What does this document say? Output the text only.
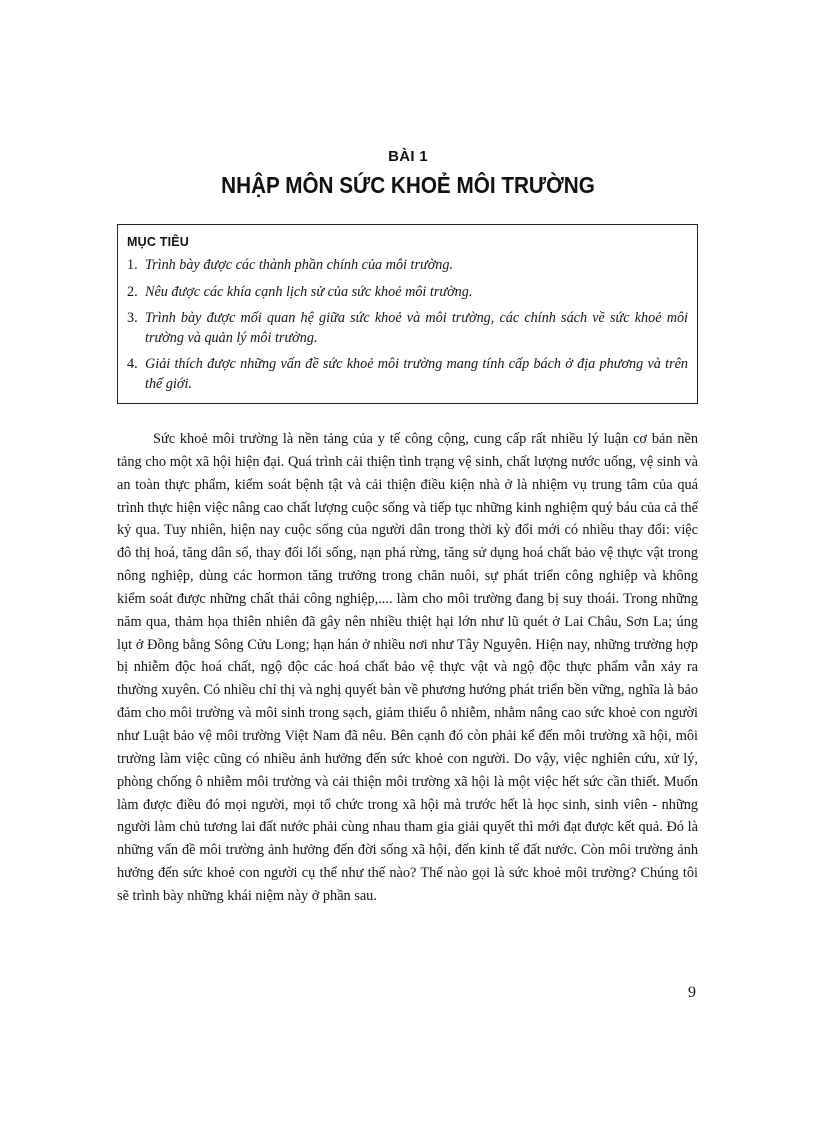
BÀI 1
NHẬP MÔN SỨC KHOẺ MÔI TRƯỜNG
MỤC TIÊU
1. Trình bày được các thành phần chính của môi trường.
2. Nêu được các khía cạnh lịch sử của sức khoẻ môi trường.
3. Trình bày được mối quan hệ giữa sức khoẻ và môi trường, các chính sách về sức khoẻ môi trường và quản lý môi trường.
4. Giải thích được những vấn đề sức khoẻ môi trường mang tính cấp bách ở địa phương và trên thế giới.

Sức khoẻ môi trường là nền tảng của y tế công cộng, cung cấp rất nhiều lý luận cơ bản nền tảng cho một xã hội hiện đại. Quá trình cải thiện tình trạng vệ sinh, chất lượng nước uống, vệ sinh và an toàn thực phẩm, kiểm soát bệnh tật và cải thiện điều kiện nhà ở là nhiệm vụ trung tâm của quá trình thực hiện việc nâng cao chất lượng cuộc sống và tiếp tục những kinh nghiệm quý báu của cả thế kỷ qua. Tuy nhiên, hiện nay cuộc sống của người dân trong thời kỳ đổi mới có nhiều thay đổi: việc đô thị hoá, tăng dân số, thay đổi lối sống, nạn phá rừng, tăng sử dụng hoá chất bảo vệ thực vật trong nông nghiệp, dùng các hormon tăng trưởng trong chăn nuôi, sự phát triển công nghiệp và không kiểm soát được những chất thải công nghiệp,.... làm cho môi trường đang bị suy thoái. Trong những năm qua, thảm họa thiên nhiên đã gây nên nhiều thiệt hại lớn như lũ quét ở Lai Châu, Sơn La; úng lụt ở Đồng bằng Sông Cửu Long; hạn hán ở nhiều nơi như Tây Nguyên. Hiện nay, những trường hợp bị nhiễm độc hoá chất, ngộ độc các hoá chất bảo vệ thực vật và ngộ độc thực phẩm vẫn xảy ra thường xuyên. Có nhiều chỉ thị và nghị quyết bàn về phương hướng phát triển bền vững, nghĩa là bảo đảm cho môi trường và môi sinh trong sạch, giảm thiểu ô nhiễm, nhằm nâng cao sức khoẻ con người như Luật bảo vệ môi trường Việt Nam đã nêu. Bên cạnh đó còn phải kể đến môi trường xã hội, môi trường làm việc cũng có nhiều ảnh hưởng đến sức khoẻ con người. Do vậy, việc nghiên cứu, xử lý, phòng chống ô nhiễm môi trường và cải thiện môi trường xã hội là một việc hết sức cần thiết. Muốn làm được điều đó mọi người, mọi tổ chức trong xã hội mà trước hết là học sinh, sinh viên - những người làm chủ tương lai đất nước phải cùng nhau tham gia giải quyết thì mới đạt được kết quả. Đó là những vấn đề môi trường ảnh hưởng đến đời sống xã hội, đến kinh tế đất nước. Còn môi trường ảnh hưởng đến sức khoẻ con người cụ thể như thế nào? Thế nào gọi là sức khoẻ môi trường? Chúng tôi sẽ trình bày những khái niệm này ở phần sau.

9
